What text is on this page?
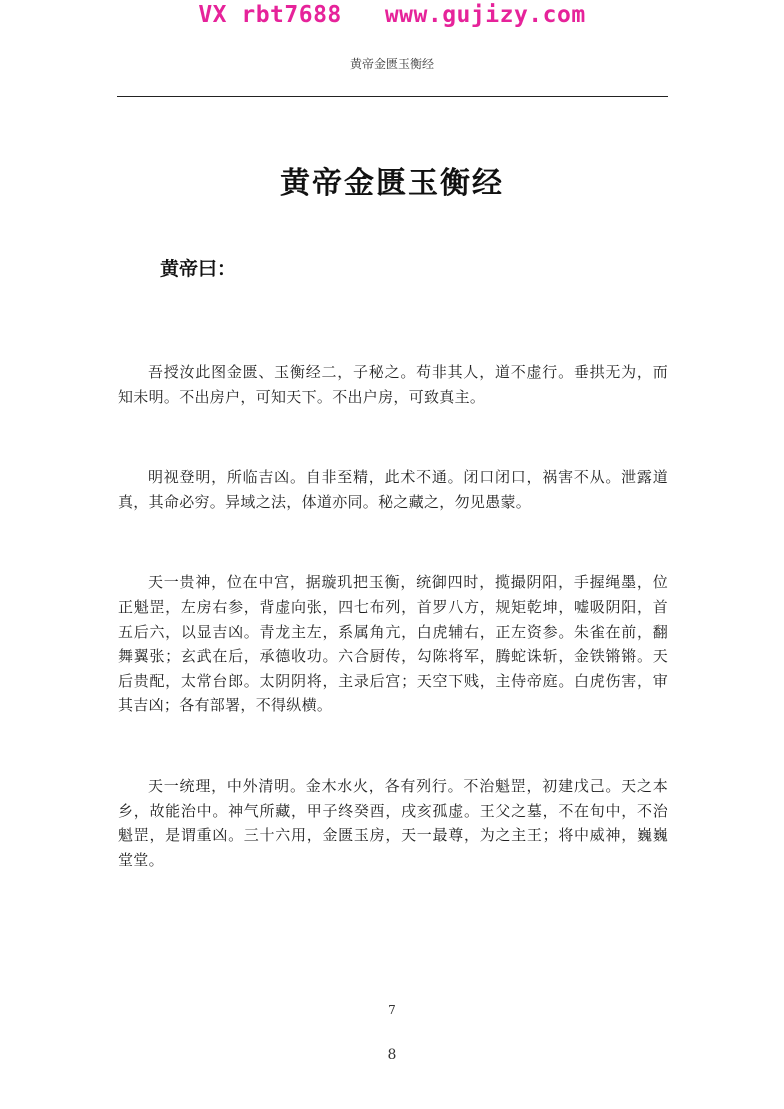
VX rbt7688   www.gujizy.com
黄帝金匮玉衡经
黄帝金匮玉衡经
黄帝曰：

吾授汝此图金匮、玉衡经二，子秘之。苟非其人，道不虚行。垂拱无为，而知未明。不出房户，可知天下。不出户房，可致真主。

明视登明，所临吉凶。自非至精，此术不通。闭口闭口，祸害不从。泄露道真，其命必穷。异域之法，体道亦同。秘之藏之，勿见愚蒙。

天一贵神，位在中宫，据璇玑把玉衡，统御四时，揽撮阴阳，手握绳墨，位正魁罡，左房右参，背虚向张，四七布列，首罗八方，规矩乾坤，嘘吸阴阳，首五后六，以显吉凶。青龙主左，系属角亢，白虎辅右，正左资参。朱雀在前，翻舞翼张；玄武在后，承德收功。六合厨传，勾陈将军，腾蛇诛斩，金铁锵锵。天后贵配，太常台郎。太阴阴将，主录后宫；天空下贱，主侍帝庭。白虎伤害，审其吉凶；各有部署，不得纵横。

天一统理，中外清明。金木水火，各有列行。不治魁罡，初建戊己。天之本乡，故能治中。神气所藏，甲子终癸酉，戌亥孤虚。王父之墓，不在旬中，不治魁罡，是谓重凶。三十六用，金匮玉房，天一最尊，为之主王；将中威神，巍巍堂堂。

7
8
